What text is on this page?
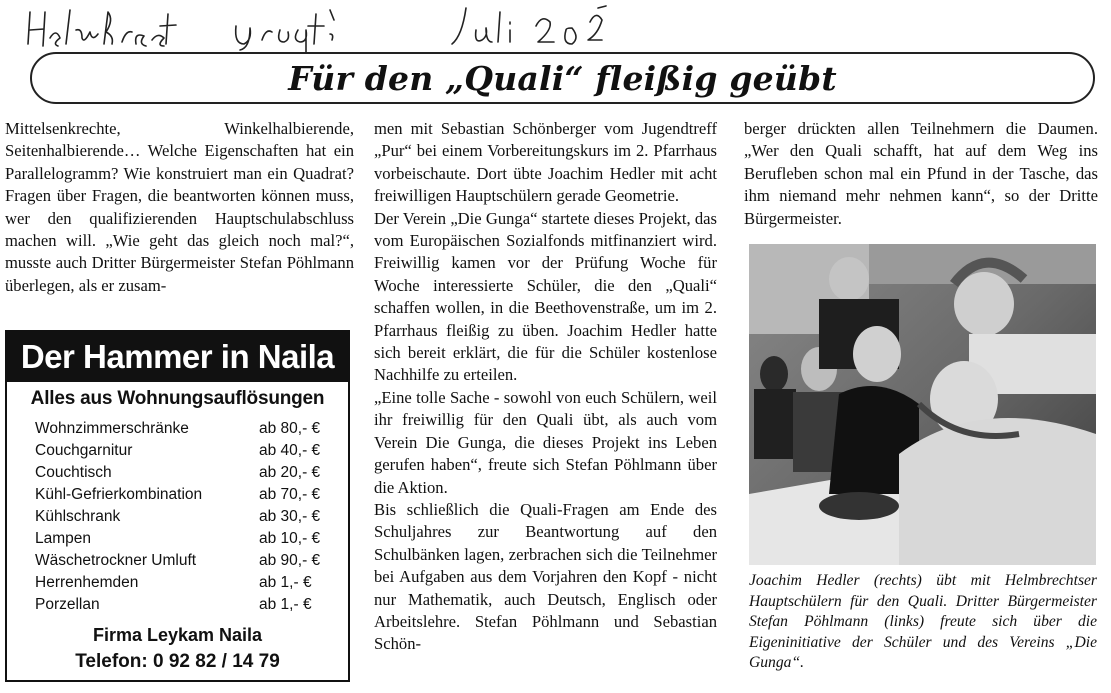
Für den „Quali“ fleißig geübt

Mittelsenkrechte, Winkelhalbierende, Seitenhalbierende… Welche Eigenschaften hat ein Parallelogramm? Wie konstruiert man ein Quadrat? Fragen über Fragen, die beantworten können muss, wer den qualifizierenden Hauptschulabschluss machen will. „Wie geht das gleich noch mal?“, musste auch Dritter Bürgermeister Stefan Pöhlmann überlegen, als er zusam-

Der Hammer in Naila
Alles aus Wohnungsauflösungen
Wohnzimmerschränke	ab 80,- €
Couchgarnitur	ab 40,- €
Couchtisch	ab 20,- €
Kühl-Gefrierkombination	ab 70,- €
Kühlschrank	ab 30,- €
Lampen	ab 10,- €
Wäschetrockner Umluft	ab 90,- €
Herrenhemden	ab 1,- €
Porzellan	ab 1,- €
Firma Leykam Naila
Telefon: 0 92 82 / 14 79

men mit Sebastian Schönberger vom Jugendtreff „Pur“ bei einem Vorbereitungskurs im 2. Pfarrhaus vorbeischaute. Dort übte Joachim Hedler mit acht freiwilligen Hauptschülern gerade Geometrie.

Der Verein „Die Gunga“ startete dieses Projekt, das vom Europäischen Sozialfonds mitfinanziert wird. Freiwillig kamen vor der Prüfung Woche für Woche interessierte Schüler, die den „Quali“ schaffen wollen, in die Beethovenstraße, um im 2. Pfarrhaus fleißig zu üben. Joachim Hedler hatte sich bereit erklärt, die für die Schüler kostenlose Nachhilfe zu erteilen.

„Eine tolle Sache - sowohl von euch Schülern, weil ihr freiwillig für den Quali übt, als auch vom Verein Die Gunga, die dieses Projekt ins Leben gerufen haben“, freute sich Stefan Pöhlmann über die Aktion.

Bis schließlich die Quali-Fragen am Ende des Schuljahres zur Beantwortung auf den Schulbänken lagen, zerbrachen sich die Teilnehmer bei Aufgaben aus dem Vorjahren den Kopf - nicht nur Mathematik, auch Deutsch, Englisch oder Arbeitslehre. Stefan Pöhlmann und Sebastian Schön-

berger drückten allen Teilnehmern die Daumen. „Wer den Quali schafft, hat auf dem Weg ins Berufleben schon mal ein Pfund in der Tasche, das ihm niemand mehr nehmen kann“, so der Dritte Bürgermeister.

Joachim Hedler (rechts) übt mit Helmbrechtser Hauptschülern für den Quali. Dritter Bürgermeister Stefan Pöhlmann (links) freute sich über die Eigeninitiative der Schüler und des Vereins „Die Gunga“.
